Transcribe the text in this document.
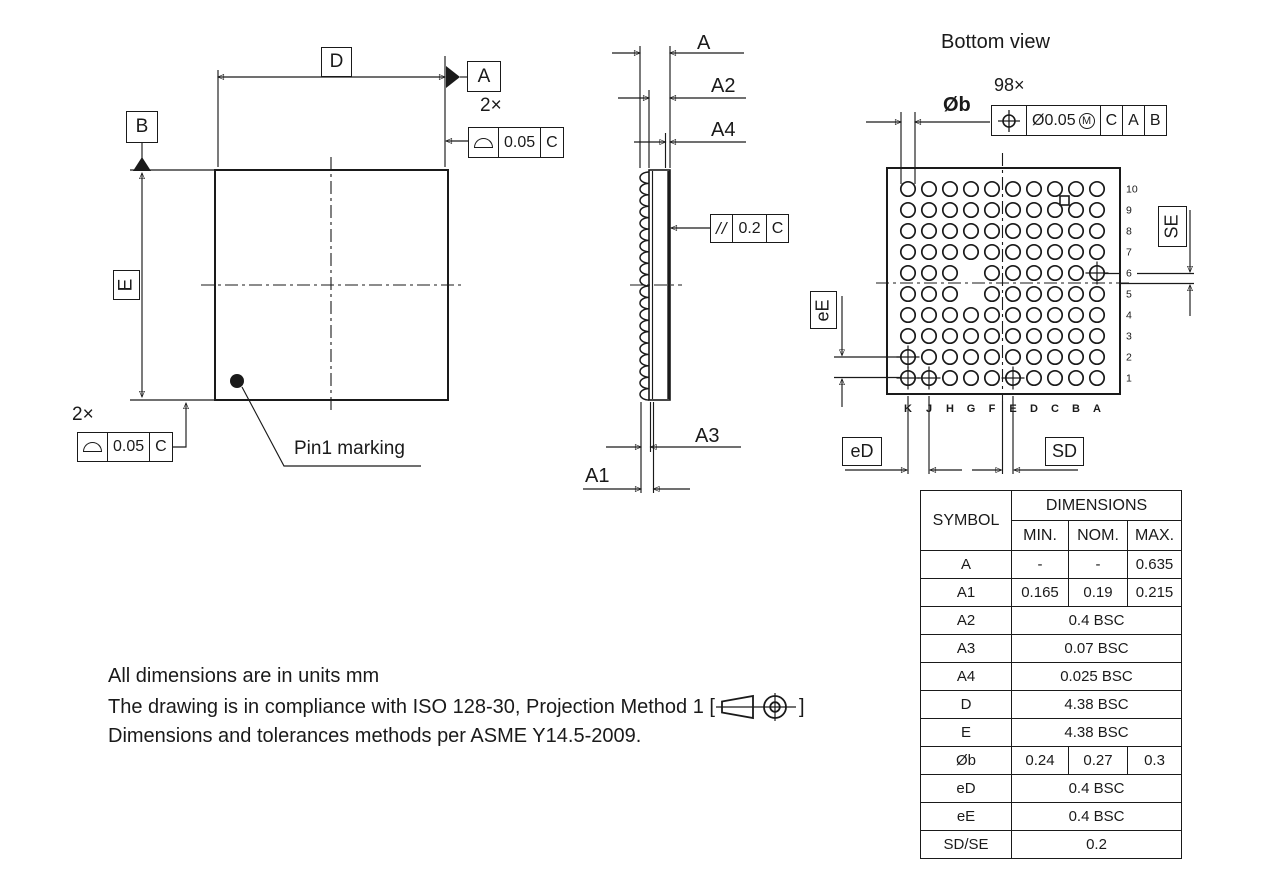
K J H G F E D C B A
10
9
8
7
6
5
4
3
2
1
D
A
B
E
2×
0.05 C
2×
0.05 C	Pin1 marking
A
A2
A4
A3
A1
// 0.2 C
Bottom view
98×
Øb
Ø0.05 M C A B
eE
SE
eD	SD
All dimensions are in units mm
The drawing is in compliance with ISO 128-30, Projection Method 1 [	]
Dimensions and tolerances methods per ASME Y14.5-2009.
SYMBOL	DIMENSIONS		
	MIN.	NOM.	MAX.
A	-	-	0.635
A1	0.165	0.19	0.215
A2	0.4 BSC		
A3	0.07 BSC		
A4	0.025 BSC		
D	4.38 BSC		
E	4.38 BSC		
Øb	0.24	0.27	0.3
eD	0.4 BSC		
eE	0.4 BSC		
SD/SE	0.2		
